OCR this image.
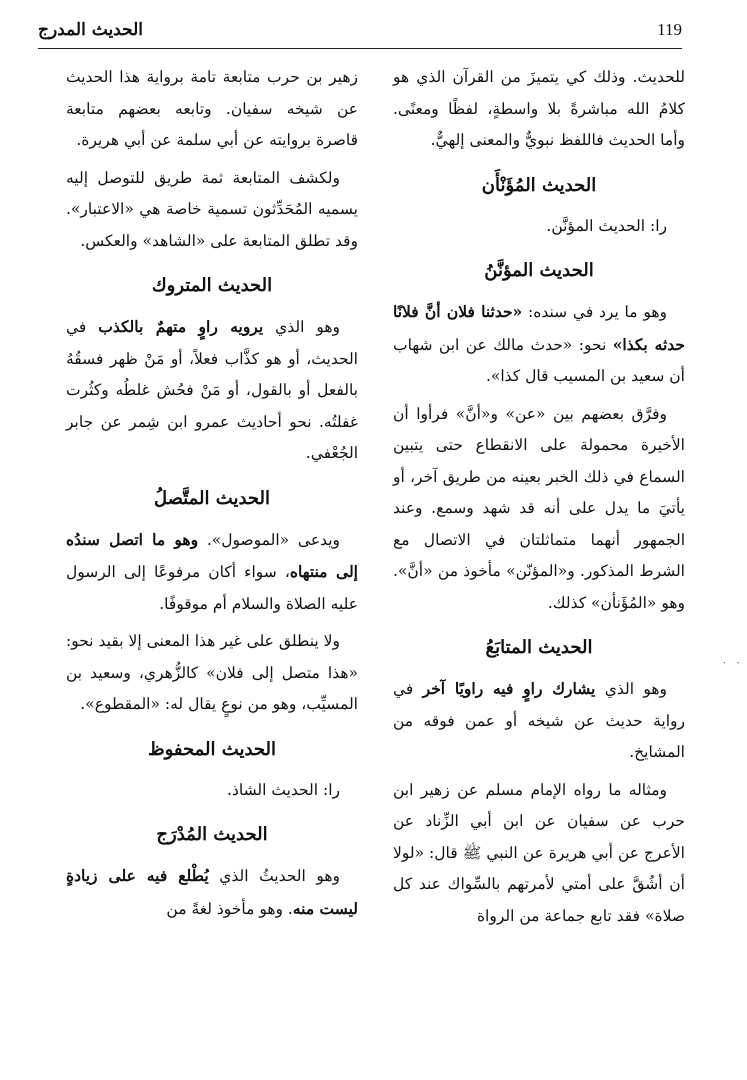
الحديث المدرج	119

للحديث. وذلك كي يتميزَ من القرآن الذي هو كلامُ الله مباشرةً بلا واسطةٍ، لفظًا ومعنًى. وأما الحديث فاللفظ نبويٌّ والمعنى إلهيٌّ.

الحديث المُؤَنْأَن

را: الحديث المؤنَّن.

الحديث المؤنَّنُ

وهو ما يرد في سنده: «حدثنا فلان أنَّ فلانًا حدثه بكذا» نحو: «حدث مالك عن ابن شهاب أن سعيد بن المسيب قال كذا».

وفرَّق بعضهم بين «عن» و«أنَّ» فرأوا أن الأخيرة محمولة على الانقطاع حتى يتبين السماع في ذلك الخبر بعينه من طريق آخر، أو يأتيَ ما يدل على أنه قد شهد وسمع. وعند الجمهور أنهما متماثلتان في الاتصال مع الشرط المذكور. و«المؤنّن» مأخوذ من «أنَّ». وهو «المُؤَنأن» كذلك.

الحديث المتابَعُ

وهو الذي يشارك راوٍ فيه راويًا آخر في رواية حديث عن شيخه أو عمن فوقه من المشايخ.

ومثاله ما رواه الإمام مسلم عن زهير ابن حرب عن سفيان عن ابن أبي الزِّناد عن الأعرج عن أبي هريرة عن النبي ﷺ قال: «لولا أن أشُقَّ على أمتي لأمرتهم بالسِّواك عند كل صلاة» فقد تابع جماعة من الرواة

زهير بن حرب متابعة تامة برواية هذا الحديث عن شيخه سفيان. وتابعه بعضهم متابعة قاصرة بروايته عن أبي سلمة عن أبي هريرة.

ولكشف المتابعة ثمة طريق للتوصل إليه يسميه المُحَدِّثون تسمية خاصة هي «الاعتبار». وقد تطلق المتابعة على «الشاهد» والعكس.

الحديث المتروك

وهو الذي يرويه راوٍ متهمٌ بالكذب في الحديث، أو هو كذَّاب فعلاً، أو مَنْ ظهر فسقُهُ بالفعل أو بالقول، أو مَنْ فحُش غلطُه وكثُرت غفلتُه. نحو أحاديث عمرو ابن شِمر عن جابر الجُعْفي.

الحديث المتَّصلُ

ويدعى «الموصول». وهو ما اتصل سندُه إلى منتهاه، سواء أكان مرفوعًا إلى الرسول عليه الصلاة والسلام أم موقوفًا.

ولا ينطلق على غير هذا المعنى إلا بقيد نحو: «هذا متصل إلى فلان» كالزُّهري، وسعيد بن المسيِّب، وهو من نوعٍ يقال له: «المقطوع».

الحديث المحفوظ

را: الحديث الشاذ.

الحديث المُدْرَج

وهو الحديثُ الذي يُطْلع فيه على زيادةٍ ليست منه. وهو مأخوذ لغةً من

· ·
